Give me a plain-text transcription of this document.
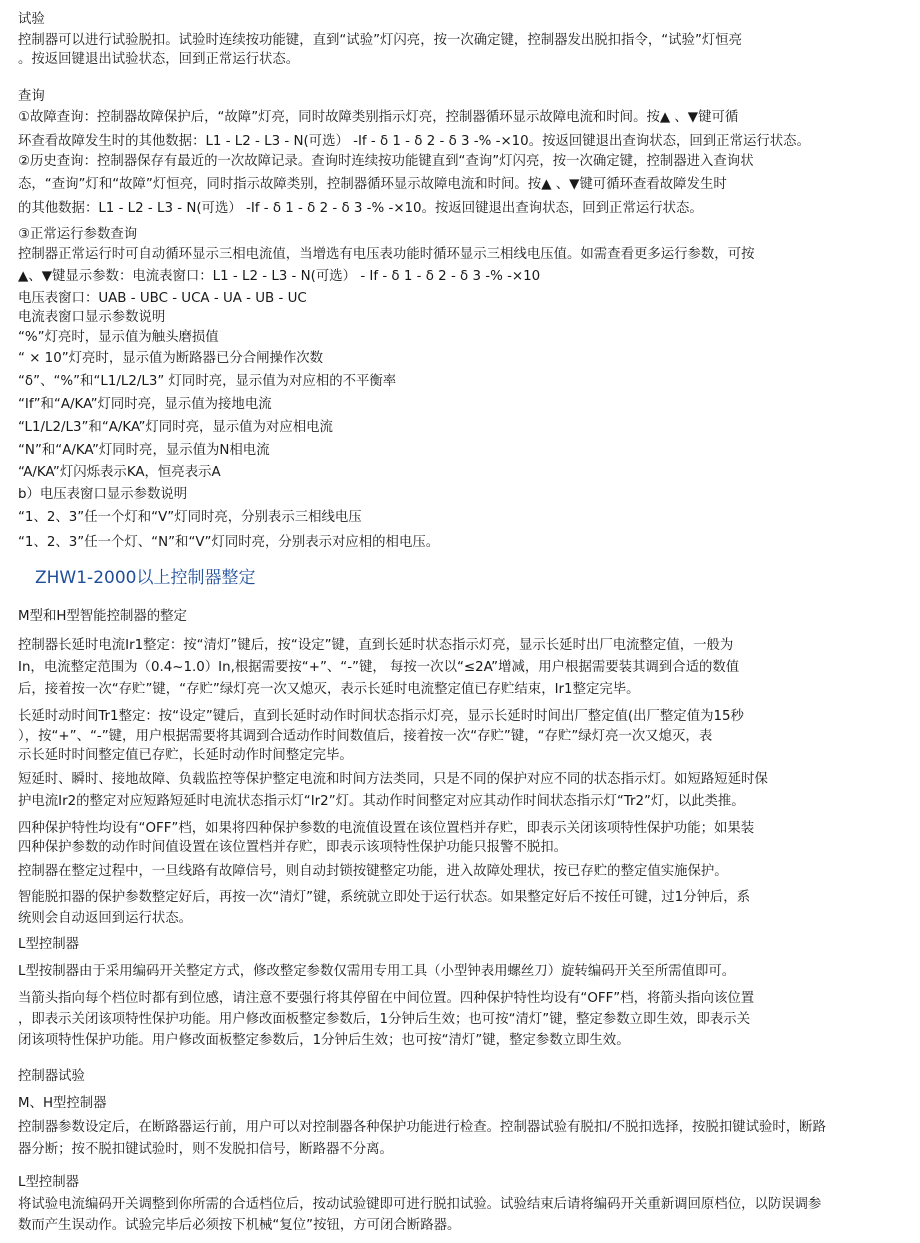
试验
控制器可以进行试验脱扣。试验时连续按功能键，直到“试验”灯闪亮，按一次确定键，控制器发出脱扣指令，“试验”灯恒亮
。按返回键退出试验状态，回到正常运行状态。
查询
①故障查询：控制器故障保护后，“故障”灯亮，同时故障类别指示灯亮，控制器循环显示故障电流和时间。按▲ 、▼键可循
环查看故障发生时的其他数据：L1 - L2 - L3 - N(可选） -If - δ 1 - δ 2 - δ 3 -% -×10。按返回键退出查询状态，回到正常运行状态。
②历史查询：控制器保存有最近的一次故障记录。查询时连续按功能键直到“查询”灯闪亮，按一次确定键，控制器进入查询状
态，“查询”灯和“故障”灯恒亮，同时指示故障类别，控制器循环显示故障电流和时间。按▲ 、▼键可循环查看故障发生时
的其他数据：L1 - L2 - L3 - N(可选） -If - δ 1 - δ 2 - δ 3 -% -×10。按返回键退出查询状态，回到正常运行状态。
③正常运行参数查询
控制器正常运行时可自动循环显示三相电流值，当增选有电压表功能时循环显示三相线电压值。如需查看更多运行参数，可按
▲、▼键显示参数：电流表窗口：L1 - L2 - L3 - N(可选） - If - δ 1 - δ 2 - δ 3 -% -×10
电压表窗口：UAB - UBC - UCA - UA - UB - UC
电流表窗口显示参数说明
“%”灯亮时，显示值为触头磨损值
“ × 10”灯亮时，显示值为断路器已分合闸操作次数
“δ”、“%”和“L1/L2/L3” 灯同时亮，显示值为对应相的不平衡率
“If”和“A/KA”灯同时亮，显示值为接地电流
“L1/L2/L3”和“A/KA”灯同时亮，显示值为对应相电流
“N”和“A/KA”灯同时亮，显示值为N相电流
“A/KA”灯闪烁表示KA，恒亮表示A
b）电压表窗口显示参数说明
“1、2、3”任一个灯和“V”灯同时亮，分别表示三相线电压
“1、2、3”任一个灯、“N”和“V”灯同时亮，分别表示对应相的相电压。
ZHW1-2000以上控制器整定
M型和H型智能控制器的整定
控制器长延时电流Ir1整定：按“清灯”键后，按“设定”键，直到长延时状态指示灯亮，显示长延时出厂电流整定值，一般为
In，电流整定范围为（0.4~1.0）In,根据需要按“+”、“-”键， 每按一次以“≤2A”增减，用户根据需要装其调到合适的数值
后，接着按一次“存贮”键，“存贮”绿灯亮一次又熄灭，表示长延时电流整定值已存贮结束，Ir1整定完毕。
长延时动时间Tr1整定：按“设定”键后，直到长延时动作时间状态指示灯亮，显示长延时时间出厂整定值(出厂整定值为15秒
），按“+”、“-”键，用户根据需要将其调到合适动作时间数值后，接着按一次“存贮”键，“存贮”绿灯亮一次又熄灭，表
示长延时时间整定值已存贮，长延时动作时间整定完毕。
短延时、瞬时、接地故障、负载监控等保护整定电流和时间方法类同，只是不同的保护对应不同的状态指示灯。如短路短延时保
护电流Ir2的整定对应短路短延时电流状态指示灯“Ir2”灯。其动作时间整定对应其动作时间状态指示灯“Tr2”灯，以此类推。
四种保护特性均设有“OFF”档，如果将四种保护参数的电流值设置在该位置档并存贮，即表示关闭该项特性保护功能；如果装
四种保护参数的动作时间值设置在该位置档并存贮，即表示该项特性保护功能只报警不脱扣。
控制器在整定过程中，一旦线路有故障信号，则自动封锁按键整定功能，进入故障处理状，按已存贮的整定值实施保护。
智能脱扣器的保护参数整定好后，再按一次“清灯”键，系统就立即处于运行状态。如果整定好后不按任可键，过1分钟后，系
统则会自动返回到运行状态。
L型控制器
L型按制器由于采用编码开关整定方式，修改整定参数仅需用专用工具（小型钟表用螺丝刀）旋转编码开关至所需值即可。
当箭头指向每个档位时都有到位感，请注意不要强行将其停留在中间位置。四种保护特性均设有“OFF”档，将箭头指向该位置
，即表示关闭该项特性保护功能。用户修改面板整定参数后，1分钟后生效；也可按“清灯”键，整定参数立即生效，即表示关
闭该项特性保护功能。用户修改面板整定参数后，1分钟后生效；也可按“清灯”键，整定参数立即生效。
控制器试验
M、H型控制器
控制器参数设定后，在断路器运行前，用户可以对控制器各种保护功能进行检查。控制器试验有脱扣/不脱扣选择，按脱扣键试验时，断路
器分断；按不脱扣键试验时，则不发脱扣信号，断路器不分离。
L型控制器
将试验电流编码开关调整到你所需的合适档位后，按动试验键即可进行脱扣试验。试验结束后请将编码开关重新调回原档位，以防误调参
数而产生误动作。试验完毕后必须按下机械“复位”按钮，方可闭合断路器。
